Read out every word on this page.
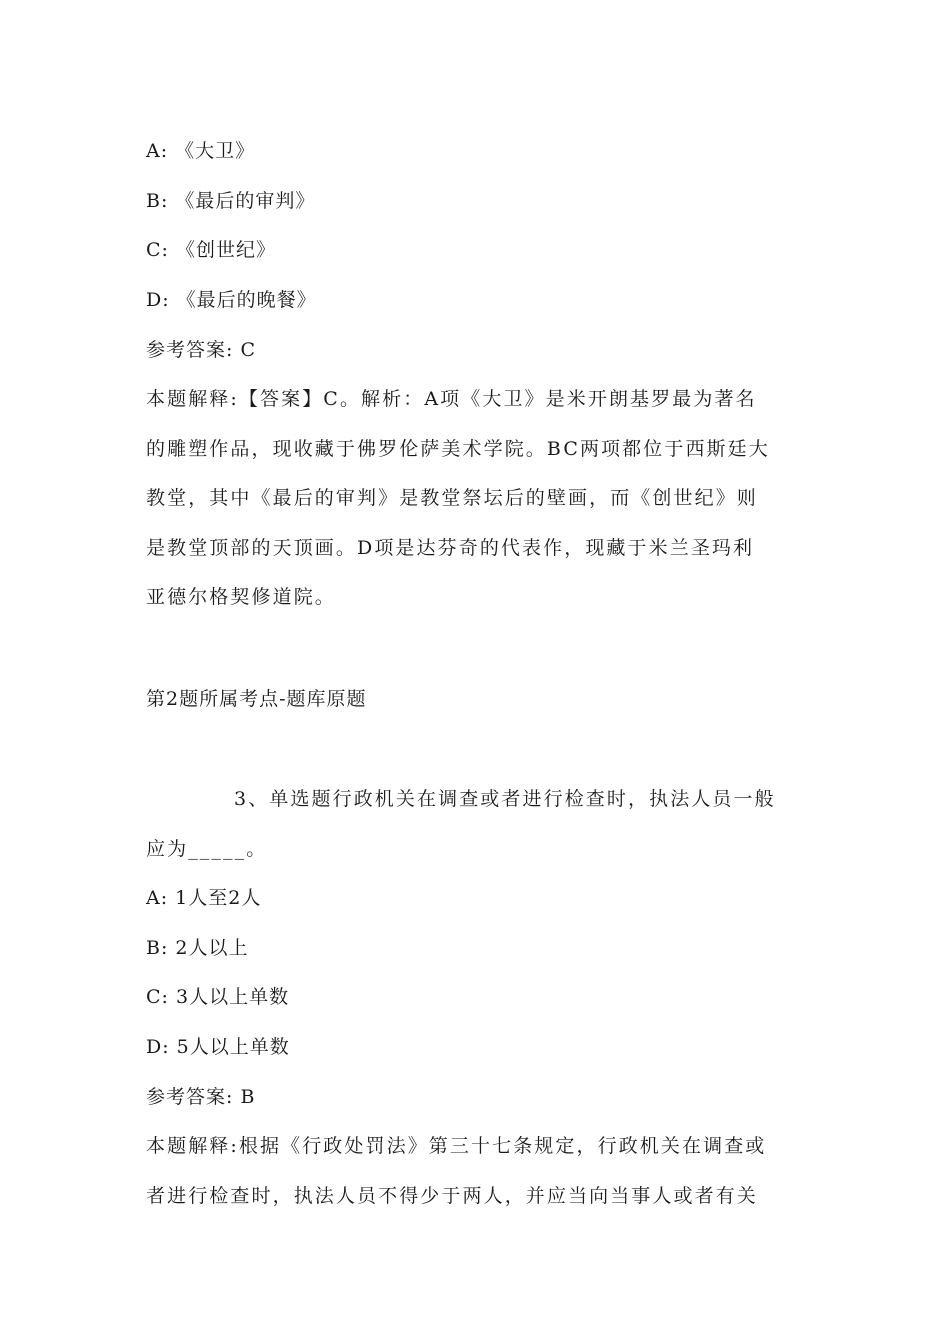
A: 《大卫》
B: 《最后的审判》
C: 《创世纪》
D: 《最后的晚餐》
参考答案: C
本题解释:【答案】C。解析：A项《大卫》是米开朗基罗最为著名
的雕塑作品，现收藏于佛罗伦萨美术学院。BC两项都位于西斯廷大
教堂，其中《最后的审判》是教堂祭坛后的壁画，而《创世纪》则
是教堂顶部的天顶画。D项是达芬奇的代表作，现藏于米兰圣玛利
亚德尔格契修道院。
第2题所属考点-题库原题
3、单选题行政机关在调查或者进行检查时，执法人员一般
应为_____。
A: 1人至2人
B: 2人以上
C: 3人以上单数
D: 5人以上单数
参考答案: B
本题解释:根据《行政处罚法》第三十七条规定，行政机关在调查或
者进行检查时，执法人员不得少于两人，并应当向当事人或者有关
